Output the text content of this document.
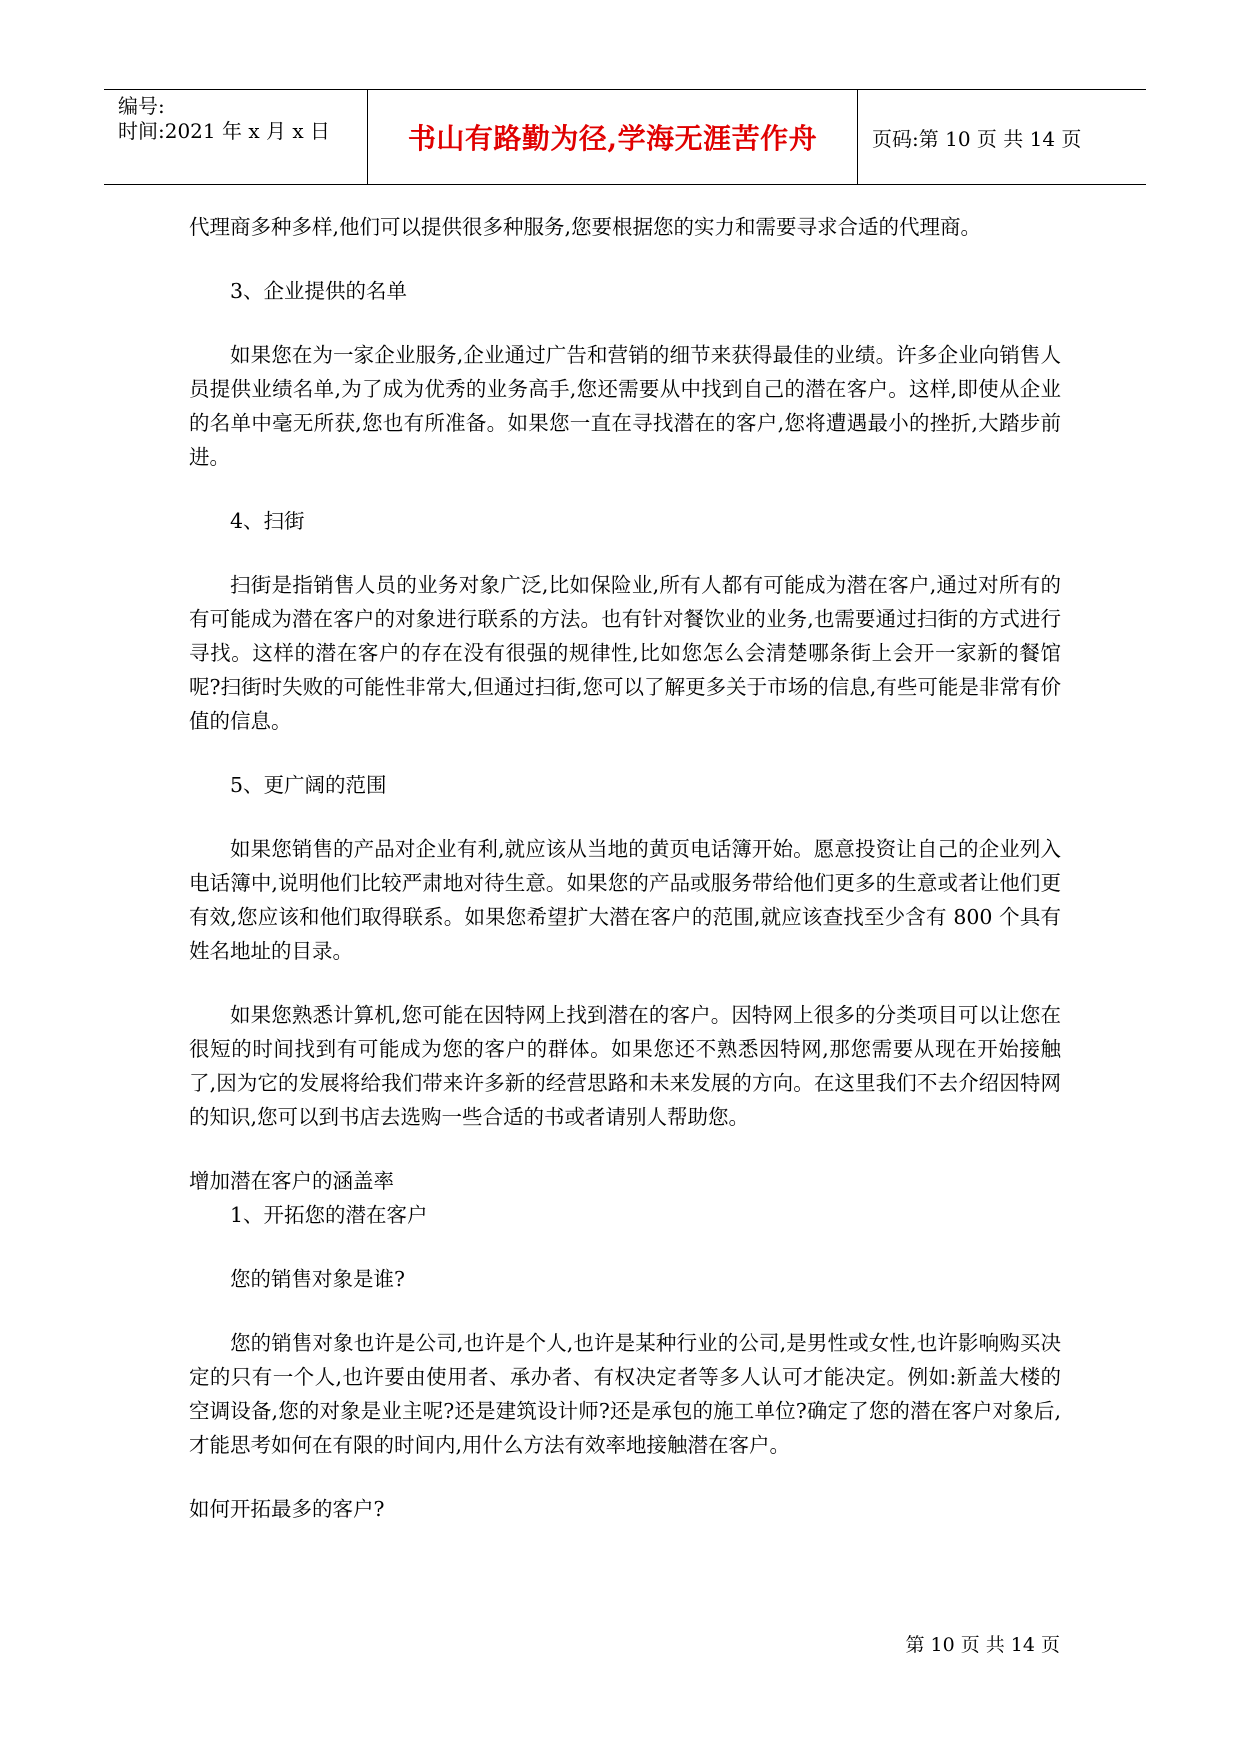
编号:
时间:2021 年 x 月 x 日	书山有路勤为径,学海无涯苦作舟	页码:第 10 页 共 14 页

代理商多种多样,他们可以提供很多种服务,您要根据您的实力和需要寻求合适的代理商。

3、企业提供的名单

如果您在为一家企业服务,企业通过广告和营销的细节来获得最佳的业绩。许多企业向销售人员提供业绩名单,为了成为优秀的业务高手,您还需要从中找到自己的潜在客户。这样,即使从企业的名单中毫无所获,您也有所准备。如果您一直在寻找潜在的客户,您将遭遇最小的挫折,大踏步前进。

4、扫街

扫街是指销售人员的业务对象广泛,比如保险业,所有人都有可能成为潜在客户,通过对所有的有可能成为潜在客户的对象进行联系的方法。也有针对餐饮业的业务,也需要通过扫街的方式进行寻找。这样的潜在客户的存在没有很强的规律性,比如您怎么会清楚哪条街上会开一家新的餐馆呢?扫街时失败的可能性非常大,但通过扫街,您可以了解更多关于市场的信息,有些可能是非常有价值的信息。

5、更广阔的范围

如果您销售的产品对企业有利,就应该从当地的黄页电话簿开始。愿意投资让自己的企业列入电话簿中,说明他们比较严肃地对待生意。如果您的产品或服务带给他们更多的生意或者让他们更有效,您应该和他们取得联系。如果您希望扩大潜在客户的范围,就应该查找至少含有 800 个具有姓名地址的目录。

如果您熟悉计算机,您可能在因特网上找到潜在的客户。因特网上很多的分类项目可以让您在很短的时间找到有可能成为您的客户的群体。如果您还不熟悉因特网,那您需要从现在开始接触了,因为它的发展将给我们带来许多新的经营思路和未来发展的方向。在这里我们不去介绍因特网的知识,您可以到书店去选购一些合适的书或者请别人帮助您。

增加潜在客户的涵盖率

1、开拓您的潜在客户

您的销售对象是谁?

您的销售对象也许是公司,也许是个人,也许是某种行业的公司,是男性或女性,也许影响购买决定的只有一个人,也许要由使用者、承办者、有权决定者等多人认可才能决定。例如:新盖大楼的空调设备,您的对象是业主呢?还是建筑设计师?还是承包的施工单位?确定了您的潜在客户对象后,才能思考如何在有限的时间内,用什么方法有效率地接触潜在客户。

如何开拓最多的客户?

第 10 页 共 14 页
